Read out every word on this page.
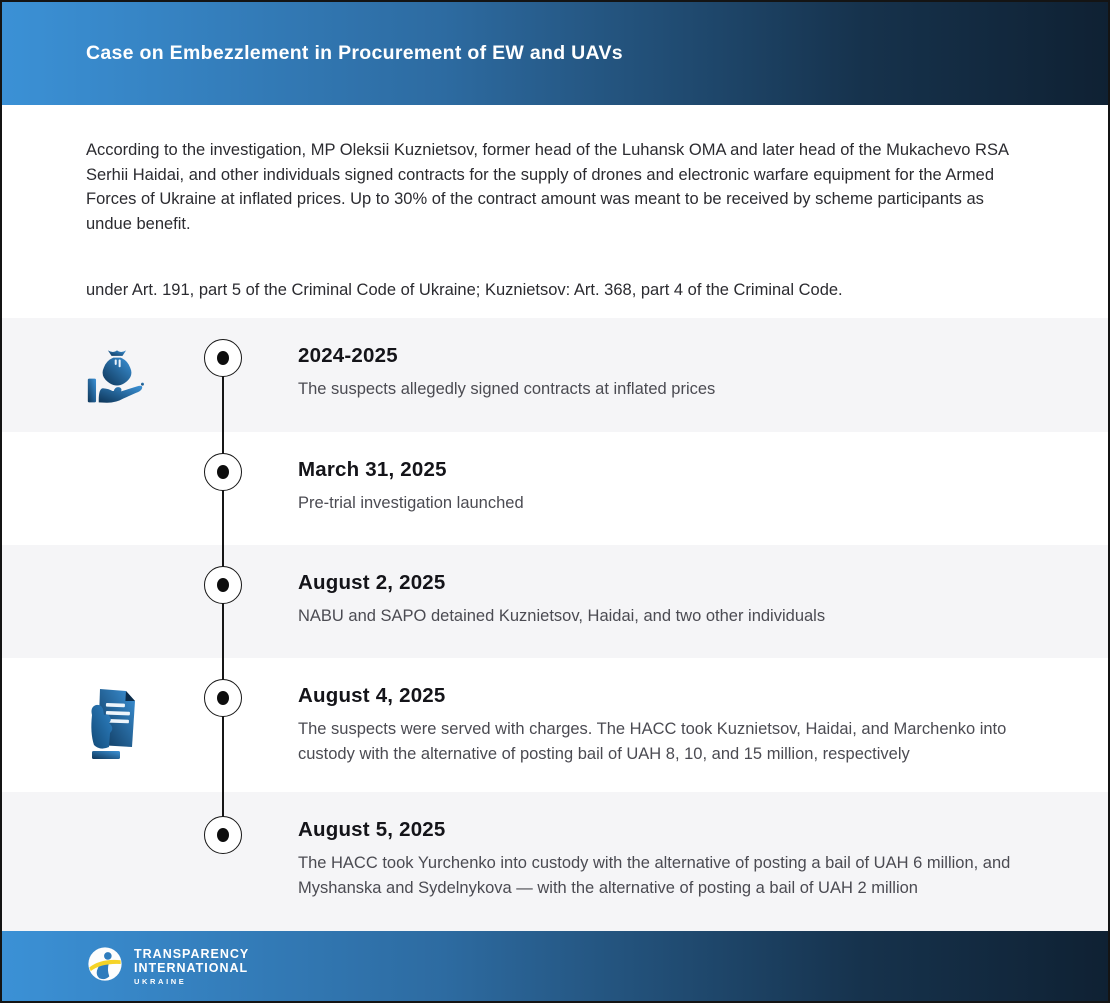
Case on Embezzlement in Procurement of EW and UAVs

According to the investigation, MP Oleksii Kuznietsov, former head of the Luhansk OMA and later head of the Mukachevo RSA Serhii Haidai, and other individuals signed contracts for the supply of drones and electronic warfare equipment for the Armed Forces of Ukraine at inflated prices. Up to 30% of the contract amount was meant to be received by scheme participants as undue benefit.

under Art. 191, part 5 of the Criminal Code of Ukraine; Kuznietsov: Art. 368, part 4 of the Criminal Code.

2024-2025

The suspects allegedly signed contracts at inflated prices

March 31, 2025

Pre-trial investigation launched

August 2, 2025

NABU and SAPO detained Kuznietsov, Haidai, and two other individuals

August 4, 2025

The suspects were served with charges. The HACC took Kuznietsov, Haidai, and Marchenko into custody with the alternative of posting bail of UAH 8, 10, and 15 million, respectively

August 5, 2025

The HACC took Yurchenko into custody with the alternative of posting a bail of UAH 6 million, and Myshanska and Sydelnykova — with the alternative of posting a bail of UAH 2 million

TRANSPARENCY
INTERNATIONAL
UKRAINE
